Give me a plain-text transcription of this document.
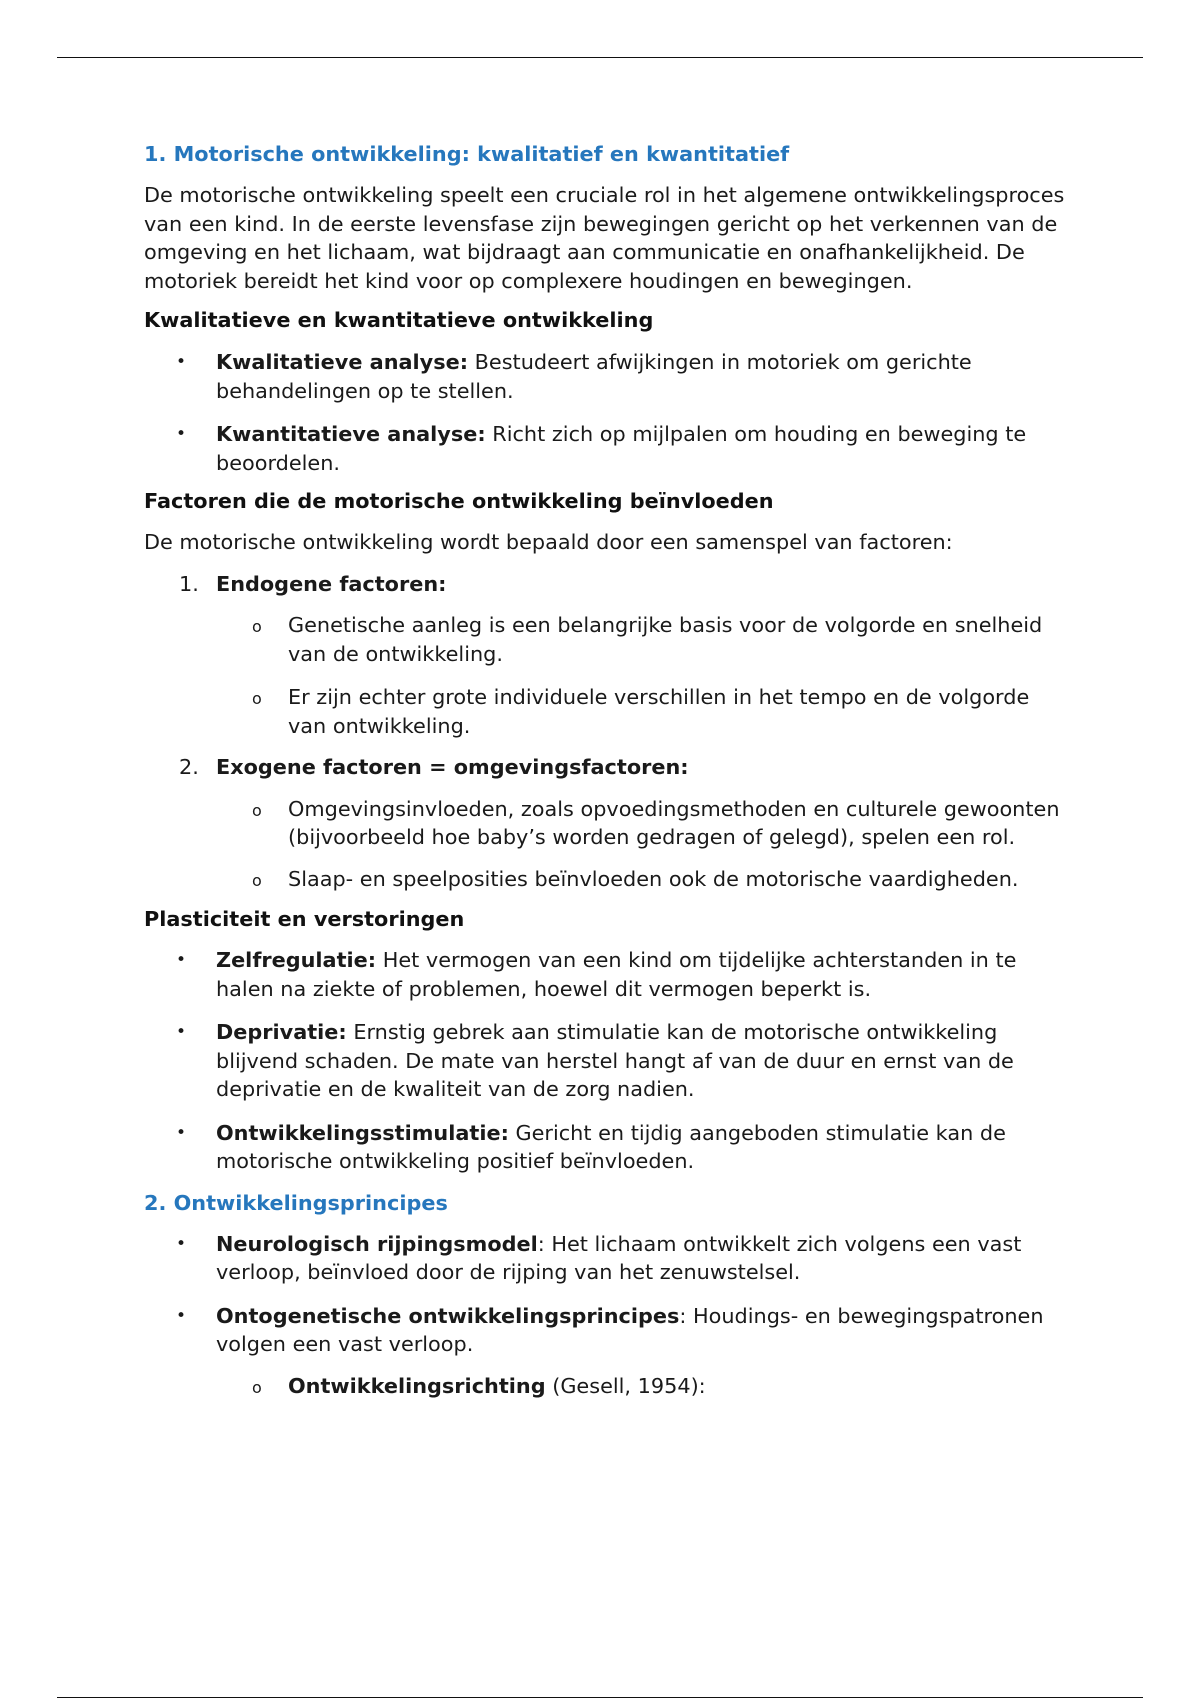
1. Motorische ontwikkeling: kwalitatief en kwantitatief

De motorische ontwikkeling speelt een cruciale rol in het algemene ontwikkelingsproces van een kind. In de eerste levensfase zijn bewegingen gericht op het verkennen van de omgeving en het lichaam, wat bijdraagt aan communicatie en onafhankelijkheid. De motoriek bereidt het kind voor op complexere houdingen en bewegingen.

Kwalitatieve en kwantitatieve ontwikkeling
• Kwalitatieve analyse: Bestudeert afwijkingen in motoriek om gerichte behandelingen op te stellen.
• Kwantitatieve analyse: Richt zich op mijlpalen om houding en beweging te beoordelen.
Factoren die de motorische ontwikkeling beïnvloeden

De motorische ontwikkeling wordt bepaald door een samenspel van factoren:

1. Endogene factoren:
o Genetische aanleg is een belangrijke basis voor de volgorde en snelheid van de ontwikkeling.
o Er zijn echter grote individuele verschillen in het tempo en de volgorde van ontwikkeling.
2. Exogene factoren = omgevingsfactoren:
o Omgevingsinvloeden, zoals opvoedingsmethoden en culturele gewoonten (bijvoorbeeld hoe baby’s worden gedragen of gelegd), spelen een rol.
o Slaap- en speelposities beïnvloeden ook de motorische vaardigheden.
Plasticiteit en verstoringen
• Zelfregulatie: Het vermogen van een kind om tijdelijke achterstanden in te halen na ziekte of problemen, hoewel dit vermogen beperkt is.
• Deprivatie: Ernstig gebrek aan stimulatie kan de motorische ontwikkeling blijvend schaden. De mate van herstel hangt af van de duur en ernst van de deprivatie en de kwaliteit van de zorg nadien.
• Ontwikkelingsstimulatie: Gericht en tijdig aangeboden stimulatie kan de motorische ontwikkeling positief beïnvloeden.
2. Ontwikkelingsprincipes
• Neurologisch rijpingsmodel: Het lichaam ontwikkelt zich volgens een vast verloop, beïnvloed door de rijping van het zenuwstelsel.
• Ontogenetische ontwikkelingsprincipes: Houdings- en bewegingspatronen volgen een vast verloop.
o Ontwikkelingsrichting (Gesell, 1954):
